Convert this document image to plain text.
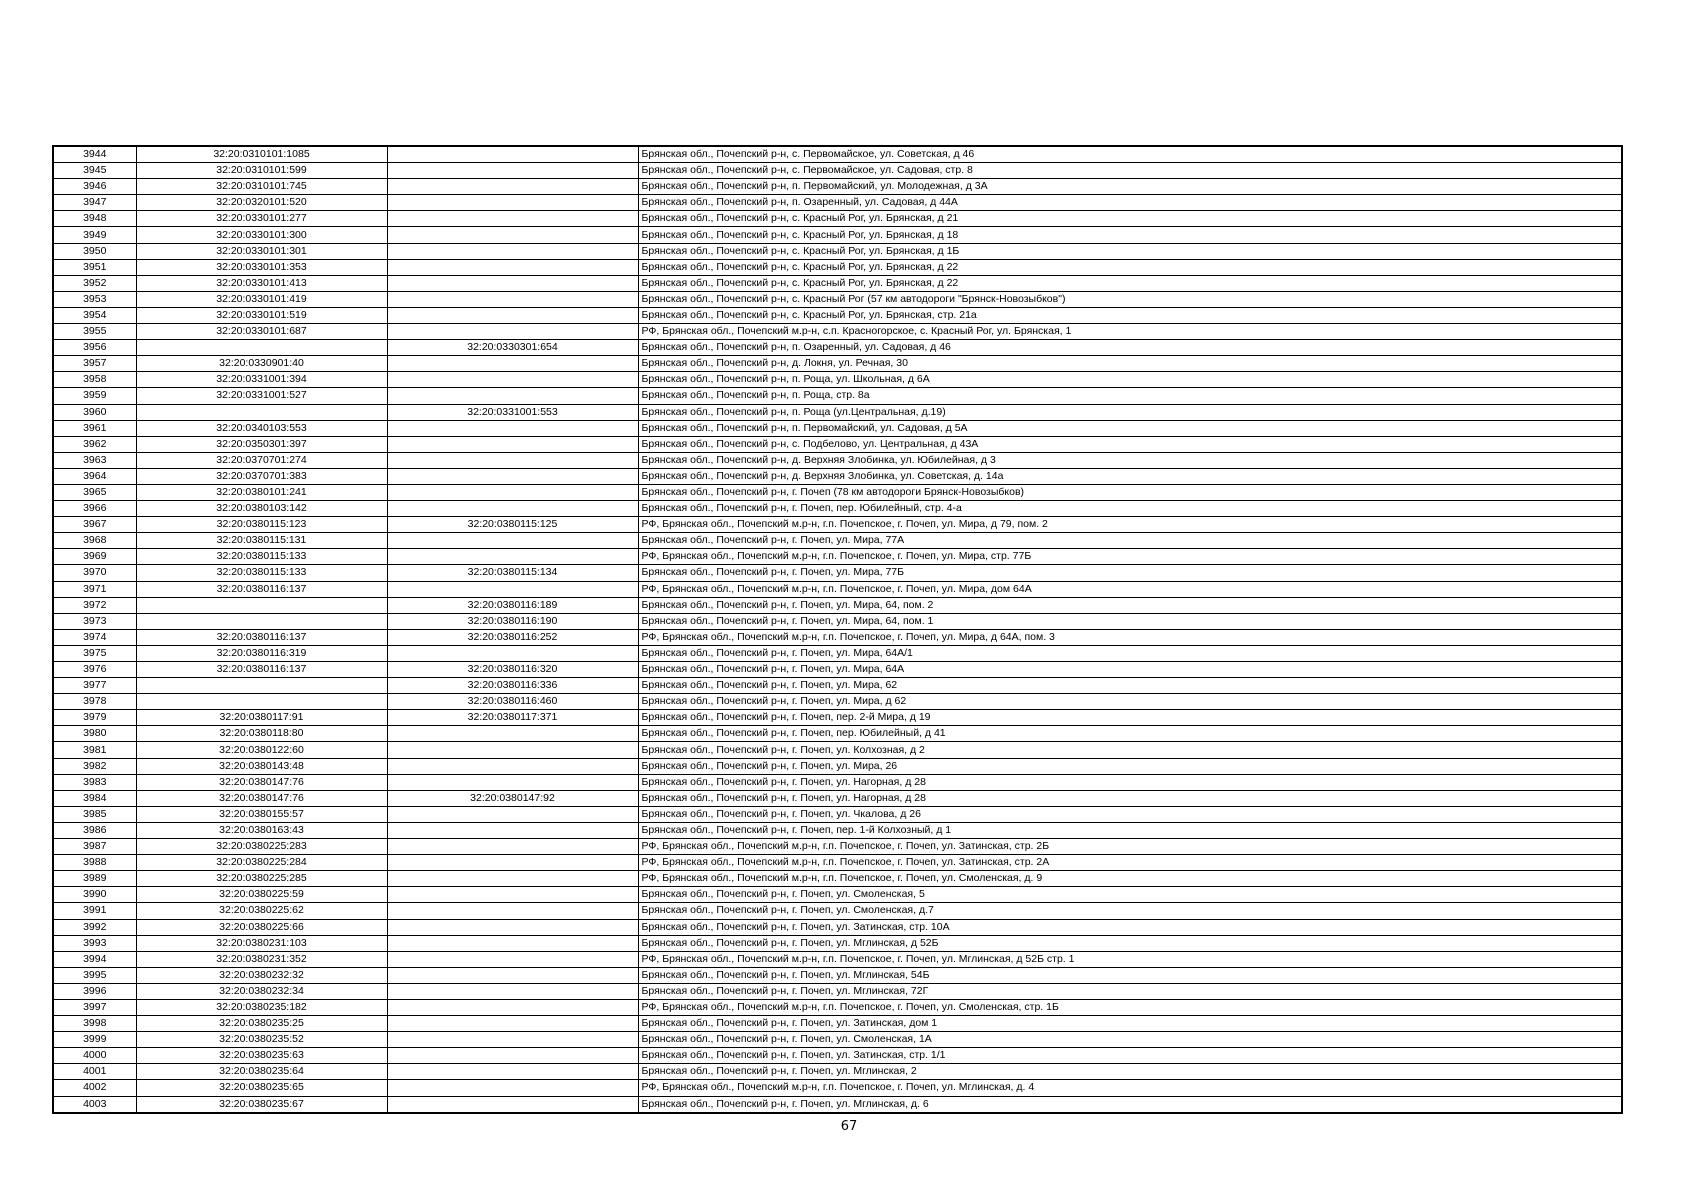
3944	32:20:0310101:1085		Брянская обл., Почепский р-н, с. Первомайское, ул. Советская, д 46
3945	32:20:0310101:599		Брянская обл., Почепский р-н, с. Первомайское, ул. Садовая, стр. 8
3946	32:20:0310101:745		Брянская обл., Почепский р-н, п. Первомайский, ул. Молодежная, д 3А
3947	32:20:0320101:520		Брянская обл., Почепский р-н, п. Озаренный, ул. Садовая, д 44А
3948	32:20:0330101:277		Брянская обл., Почепский р-н, с. Красный Рог, ул. Брянская, д 21
3949	32:20:0330101:300		Брянская обл., Почепский р-н, с. Красный Рог, ул. Брянская, д 18
3950	32:20:0330101:301		Брянская обл., Почепский р-н, с. Красный Рог, ул. Брянская, д 1Б
3951	32:20:0330101:353		Брянская обл., Почепский р-н, с. Красный Рог, ул. Брянская, д 22
3952	32:20:0330101:413		Брянская обл., Почепский р-н, с. Красный Рог, ул. Брянская, д 22
3953	32:20:0330101:419		Брянская обл., Почепский р-н, с. Красный Рог (57 км автодороги "Брянск-Новозыбков")
3954	32:20:0330101:519		Брянская обл., Почепский р-н, с. Красный Рог, ул. Брянская, стр. 21а
3955	32:20:0330101:687		РФ, Брянская обл., Почепский м.р-н, с.п. Красногорское, с. Красный Рог, ул. Брянская, 1
3956		32:20:0330301:654	Брянская обл., Почепский р-н, п. Озаренный, ул. Садовая, д 46
3957	32:20:0330901:40		Брянская обл., Почепский р-н, д. Локня, ул. Речная, 30
3958	32:20:0331001:394		Брянская обл., Почепский р-н, п. Роща, ул. Школьная, д 6А
3959	32:20:0331001:527		Брянская обл., Почепский р-н, п. Роща, стр. 8а
3960		32:20:0331001:553	Брянская обл., Почепский р-н, п. Роща (ул.Центральная, д.19)
3961	32:20:0340103:553		Брянская обл., Почепский р-н, п. Первомайский, ул. Садовая, д 5А
3962	32:20:0350301:397		Брянская обл., Почепский р-н, с. Подбелово, ул. Центральная, д 43А
3963	32:20:0370701:274		Брянская обл., Почепский р-н, д. Верхняя Злобинка, ул. Юбилейная, д 3
3964	32:20:0370701:383		Брянская обл., Почепский р-н, д. Верхняя Злобинка, ул. Советская, д. 14а
3965	32:20:0380101:241		Брянская обл., Почепский р-н, г. Почеп (78 км автодороги Брянск-Новозыбков)
3966	32:20:0380103:142		Брянская обл., Почепский р-н, г. Почеп, пер. Юбилейный, стр. 4-а
3967	32:20:0380115:123	32:20:0380115:125	РФ, Брянская обл., Почепский м.р-н, г.п. Почепское, г. Почеп, ул. Мира, д 79, пом. 2
3968	32:20:0380115:131		Брянская обл., Почепский р-н, г. Почеп, ул. Мира, 77А
3969	32:20:0380115:133		РФ, Брянская обл., Почепский м.р-н, г.п. Почепское, г. Почеп, ул. Мира, стр. 77Б
3970	32:20:0380115:133	32:20:0380115:134	Брянская обл., Почепский р-н, г. Почеп, ул. Мира, 77Б
3971	32:20:0380116:137		РФ, Брянская обл., Почепский м.р-н, г.п. Почепское, г. Почеп, ул. Мира, дом 64А
3972		32:20:0380116:189	Брянская обл., Почепский р-н, г. Почеп, ул. Мира, 64, пом. 2
3973		32:20:0380116:190	Брянская обл., Почепский р-н, г. Почеп, ул. Мира, 64, пом. 1
3974	32:20:0380116:137	32:20:0380116:252	РФ, Брянская обл., Почепский м.р-н, г.п. Почепское, г. Почеп, ул. Мира, д 64А, пом. 3
3975	32:20:0380116:319		Брянская обл., Почепский р-н, г. Почеп, ул. Мира, 64А/1
3976	32:20:0380116:137	32:20:0380116:320	Брянская обл., Почепский р-н, г. Почеп, ул. Мира, 64А
3977		32:20:0380116:336	Брянская обл., Почепский р-н, г. Почеп, ул. Мира, 62
3978		32:20:0380116:460	Брянская обл., Почепский р-н, г. Почеп, ул. Мира, д 62
3979	32:20:0380117:91	32:20:0380117:371	Брянская обл., Почепский р-н, г. Почеп, пер. 2-й Мира, д 19
3980	32:20:0380118:80		Брянская обл., Почепский р-н, г. Почеп, пер. Юбилейный, д 41
3981	32:20:0380122:60		Брянская обл., Почепский р-н, г. Почеп, ул. Колхозная, д 2
3982	32:20:0380143:48		Брянская обл., Почепский р-н, г. Почеп, ул. Мира, 26
3983	32:20:0380147:76		Брянская обл., Почепский р-н, г. Почеп, ул. Нагорная, д 28
3984	32:20:0380147:76	32:20:0380147:92	Брянская обл., Почепский р-н, г. Почеп, ул. Нагорная, д 28
3985	32:20:0380155:57		Брянская обл., Почепский р-н, г. Почеп, ул. Чкалова, д 26
3986	32:20:0380163:43		Брянская обл., Почепский р-н, г. Почеп, пер. 1-й Колхозный, д 1
3987	32:20:0380225:283		РФ, Брянская обл., Почепский м.р-н, г.п. Почепское, г. Почеп, ул. Затинская, стр. 2Б
3988	32:20:0380225:284		РФ, Брянская обл., Почепский м.р-н, г.п. Почепское, г. Почеп, ул. Затинская, стр. 2А
3989	32:20:0380225:285		РФ, Брянская обл., Почепский м.р-н, г.п. Почепское, г. Почеп, ул. Смоленская, д. 9
3990	32:20:0380225:59		Брянская обл., Почепский р-н, г. Почеп, ул. Смоленская, 5
3991	32:20:0380225:62		Брянская обл., Почепский р-н, г. Почеп, ул. Смоленская, д.7
3992	32:20:0380225:66		Брянская обл., Почепский р-н, г. Почеп, ул. Затинская, стр. 10А
3993	32:20:0380231:103		Брянская обл., Почепский р-н, г. Почеп, ул. Мглинская, д 52Б
3994	32:20:0380231:352		РФ, Брянская обл., Почепский м.р-н, г.п. Почепское, г. Почеп, ул. Мглинская, д 52Б стр. 1
3995	32:20:0380232:32		Брянская обл., Почепский р-н, г. Почеп, ул. Мглинская, 54Б
3996	32:20:0380232:34		Брянская обл., Почепский р-н, г. Почеп, ул. Мглинская, 72Г
3997	32:20:0380235:182		РФ, Брянская обл., Почепский м.р-н, г.п. Почепское, г. Почеп, ул. Смоленская, стр. 1Б
3998	32:20:0380235:25		Брянская обл., Почепский р-н, г. Почеп, ул. Затинская, дом 1
3999	32:20:0380235:52		Брянская обл., Почепский р-н, г. Почеп, ул. Смоленская, 1А
4000	32:20:0380235:63		Брянская обл., Почепский р-н, г. Почеп, ул. Затинская, стр. 1/1
4001	32:20:0380235:64		Брянская обл., Почепский р-н, г. Почеп, ул. Мглинская, 2
4002	32:20:0380235:65		РФ, Брянская обл., Почепский м.р-н, г.п. Почепское, г. Почеп, ул. Мглинская, д. 4
4003	32:20:0380235:67		Брянская обл., Почепский р-н, г. Почеп, ул. Мглинская, д. 6
67
